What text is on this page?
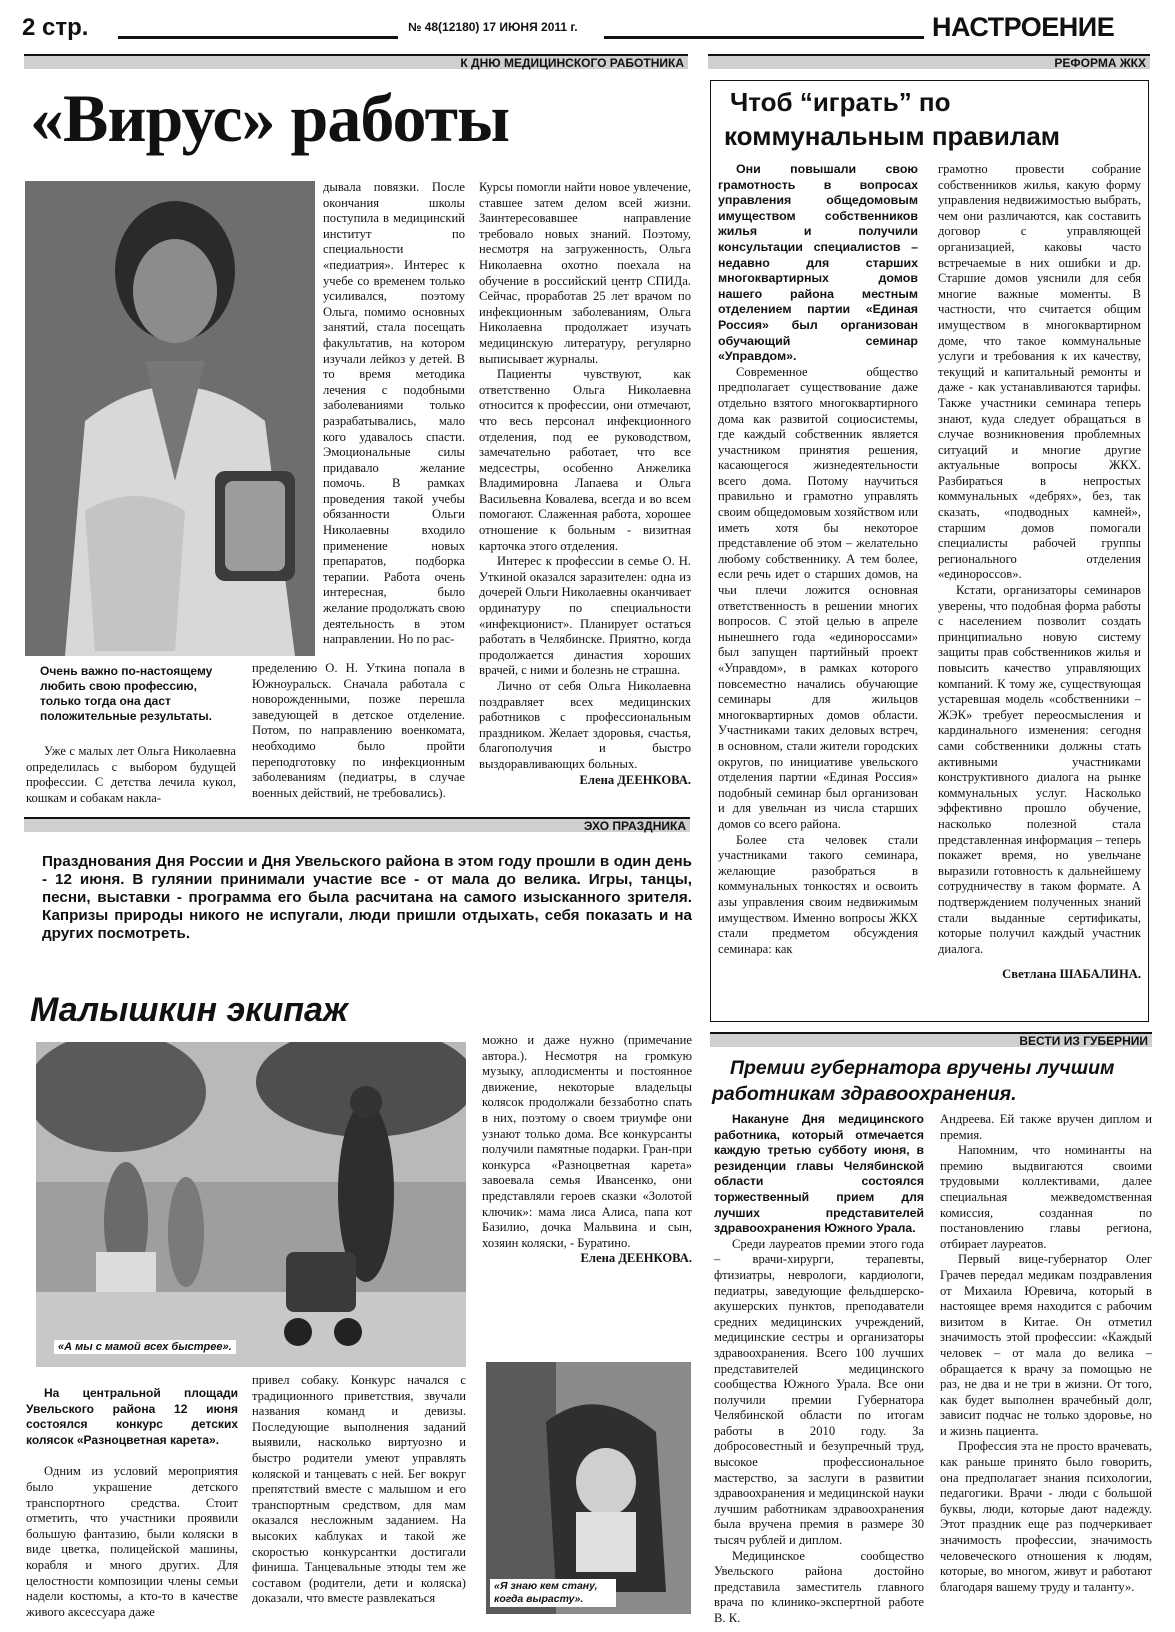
2 стр.	№ 48(12180) 17 ИЮНЯ 2011 г.	НАСТРОЕНИЕ
К ДНЮ МЕДИЦИНСКОГО РАБОТНИКА
«Вирус» работы
Очень важно по-настоящему любить свою профессию, только тогда она даст положительные результаты.

Уже с малых лет Ольга Николаевна определилась с выбором будущей профессии. С детства лечила кукол, кошкам и собакам накла-

дывала повязки. После окончания школы поступила в медицинский институт по специальности «педиатрия». Интерес к учебе со временем только усиливался, поэтому Ольга, помимо основных занятий, стала посещать факультатив, на котором изучали лейкоз у детей. В то время методика лечения с подобными заболеваниями только разрабатывались, мало кого удавалось спасти. Эмоциональные силы придавало желание помочь. В рамках проведения такой учебы обязанности Ольги Николаевны входило применение новых препаратов, подборка терапии. Работа очень интересная, было желание продолжать свою деятельность в этом направлении. Но по рас-

пределению О. Н. Уткина попала в Южноуральск. Сначала работала с новорожденными, позже перешла заведующей в детское отделение. Потом, по направлению военкомата, необходимо было пройти переподготовку по инфекционным заболеваниям (педиатры, в случае военных действий, не требовались).

Курсы помогли найти новое увлечение, ставшее затем делом всей жизни. Заинтересовавшее направление требовало новых знаний. Поэтому, несмотря на загруженность, Ольга Николаевна охотно поехала на обучение в российский центр СПИДа. Сейчас, проработав 25 лет врачом по инфекционным заболеваниям, Ольга Николаевна продолжает изучать медицинскую литературу, регулярно выписывает журналы.

Пациенты чувствуют, как ответственно Ольга Николаевна относится к профессии, они отмечают, что весь персонал инфекционного отделения, под ее руководством, замечательно работает, что все медсестры, особенно Анжелика Владимировна Лапаева и Ольга Васильевна Ковалева, всегда и во всем помогают. Слаженная работа, хорошее отношение к больным - визитная карточка этого отделения.

Интерес к профессии в семье О. Н. Уткиной оказался заразителен: одна из дочерей Ольги Николаевны оканчивает ординатуру по специальности «инфекционист». Планирует остаться работать в Челябинске. Приятно, когда продолжается династия хороших врачей, с ними и болезнь не страшна.

Лично от себя Ольга Николаевна поздравляет всех медицинских работников с профессиональным праздником. Желает здоровья, счастья, благополучия и быстро выздоравливающих больных.

Елена ДЕЕНКОВА.

ЭХО ПРАЗДНИКА
Празднования Дня России и Дня Увельского района в этом году прошли в один день - 12 июня. В гулянии принимали участие все - от мала до велика. Игры, танцы, песни, выставки - программа его была расчитана на самого изысканного зрителя. Капризы природы никого не испугали, люди пришли отдыхать, себя показать и на других посмотреть.
Малышкин экипаж
«А мы с мамой всех быстрее».

можно и даже нужно (примечание автора.). Несмотря на громкую музыку, аплодисменты и постоянное движение, некоторые владельцы колясок продолжали беззаботно спать в них, поэтому о своем триумфе они узнают только дома. Все конкурсанты получили памятные подарки. Гран-при конкурса «Разноцветная карета» завоевала семья Ивансенко, они представляли героев сказки «Золотой ключик»: мама лиса Алиса, папа кот Базилио, дочка Мальвина и сын, хозяин коляски, - Буратино.

Елена ДЕЕНКОВА.

На центральной площади Увельского района 12 июня состоялся конкурс детских колясок «Разноцветная карета».

Одним из условий мероприятия было украшение детского транспортного средства. Стоит отметить, что участники проявили большую фантазию, были коляски в виде цветка, полицейской машины, корабля и много других. Для целостности композиции члены семьи надели костюмы, а кто-то в качестве живого аксессуара даже

привел собаку. Конкурс начался с традиционного приветствия, звучали названия команд и девизы. Последующие выполнения заданий выявили, насколько виртуозно и быстро родители умеют управлять коляской и танцевать с ней. Бег вокруг препятствий вместе с малышом и его транспортным средством, для мам оказался несложным заданием. На высоких каблуках и такой же скоростью конкурсантки достигали финиша. Танцевальные этюды тем же составом (родители, дети и коляска) доказали, что вместе развлекаться

«Я знаю кем стану, когда вырасту».
РЕФОРМА ЖКХ
Чтоб “играть” по
коммунальным правилам

Они повышали свою грамотность в вопросах управления общедомовым имуществом собственников жилья и получили консультации специалистов – недавно для старших многоквартирных домов нашего района местным отделением партии «Единая Россия» был организован обучающий семинар «Управдом».

Современное общество предполагает существование даже отдельно взятого многоквартирного дома как развитой социосистемы, где каждый собственник является участником принятия решения, касающегося жизнедеятельности всего дома. Потому научиться правильно и грамотно управлять своим общедомовым хозяйством или иметь хотя бы некоторое представление об этом – желательно любому собственнику. А тем более, если речь идет о старших домов, на чьи плечи ложится основная ответственность в решении многих вопросов. С этой целью в апреле нынешнего года «единороссами» был запущен партийный проект «Управдом», в рамках которого повсеместно начались обучающие семинары для жильцов многоквартирных домов области. Участниками таких деловых встреч, в основном, стали жители городских округов, по инициативе увельского отделения партии «Единая Россия» подобный семинар был организован и для увельчан из числа старших домов со всего района.

Более ста человек стали участниками такого семинара, желающие разобраться в коммунальных тонкостях и освоить азы управления своим недвижимым имуществом. Именно вопросы ЖКХ стали предметом обсуждения семинара: как

грамотно провести собрание собственников жилья, какую форму управления недвижимостью выбрать, чем они различаются, как составить договор с управляющей организацией, каковы часто встречаемые в них ошибки и др. Старшие домов уяснили для себя многие важные моменты. В частности, что считается общим имуществом в многоквартирном доме, что такое коммунальные услуги и требования к их качеству, текущий и капитальный ремонты и даже - как устанавливаются тарифы. Также участники семинара теперь знают, куда следует обращаться в случае возникновения проблемных ситуаций и многие другие актуальные вопросы ЖКХ. Разбираться в непростых коммунальных «дебрях», без, так сказать, «подводных камней», старшим домов помогали специалисты рабочей группы регионального отделения «единороссов».

Кстати, организаторы семинаров уверены, что подобная форма работы с населением позволит создать принципиально новую систему защиты прав собственников жилья и повысить качество управляющих компаний. К тому же, существующая устаревшая модель «собственники – ЖЭК» требует переосмысления и кардинального изменения: сегодня сами собственники должны стать активными участниками конструктивного диалога на рынке коммунальных услуг. Насколько эффективно прошло обучение, насколько полезной стала представленная информация – теперь покажет время, но увельчане выразили готовность к дальнейшему сотрудничеству в таком формате. А подтверждением полученных знаний стали выданные сертификаты, которые получил каждый участник диалога.

Светлана ШАБАЛИНА.

ВЕСТИ ИЗ ГУБЕРНИИ
Премии губернатора вручены лучшим
работникам здравоохранения.

Накануне Дня медицинского работника, который отмечается каждую третью субботу июня, в резиденции главы Челябинской области состоялся торжественный прием для лучших представителей здравоохранения Южного Урала.

Среди лауреатов премии этого года – врачи-хирурги, терапевты, фтизиатры, неврологи, кардиологи, педиатры, заведующие фельдшерско-акушерских пунктов, преподаватели средних медицинских учреждений, медицинские сестры и организаторы здравоохранения. Всего 100 лучших представителей медицинского сообщества Южного Урала. Все они получили премии Губернатора Челябинской области по итогам работы в 2010 году. За добросовестный и безупречный труд, высокое профессиональное мастерство, за заслуги в развитии здравоохранения и медицинской науки лучшим работникам здравоохранения была вручена премия в размере 30 тысяч рублей и диплом.

Медицинское сообщество Увельского района достойно представила заместитель главного врача по клинико-экспертной работе В. К.

Андреева. Ей также вручен диплом и премия.

Напомним, что номинанты на премию выдвигаются своими трудовыми коллективами, далее специальная межведомственная комиссия, созданная по постановлению главы региона, отбирает лауреатов.

Первый вице-губернатор Олег Грачев передал медикам поздравления от Михаила Юревича, который в настоящее время находится с рабочим визитом в Китае. Он отметил значимость этой профессии: «Каждый человек – от мала до велика – обращается к врачу за помощью не раз, не два и не три в жизни. От того, как будет выполнен врачебный долг, зависит подчас не только здоровье, но и жизнь пациента.

Профессия эта не просто врачевать, как раньше принято было говорить, она предполагает знания психологии, педагогики. Врачи - люди с большой буквы, люди, которые дают надежду. Этот праздник еще раз подчеркивает значимость профессии, значимость человеческого отношения к людям, которые, во многом, живут и работают благодаря вашему труду и таланту».
